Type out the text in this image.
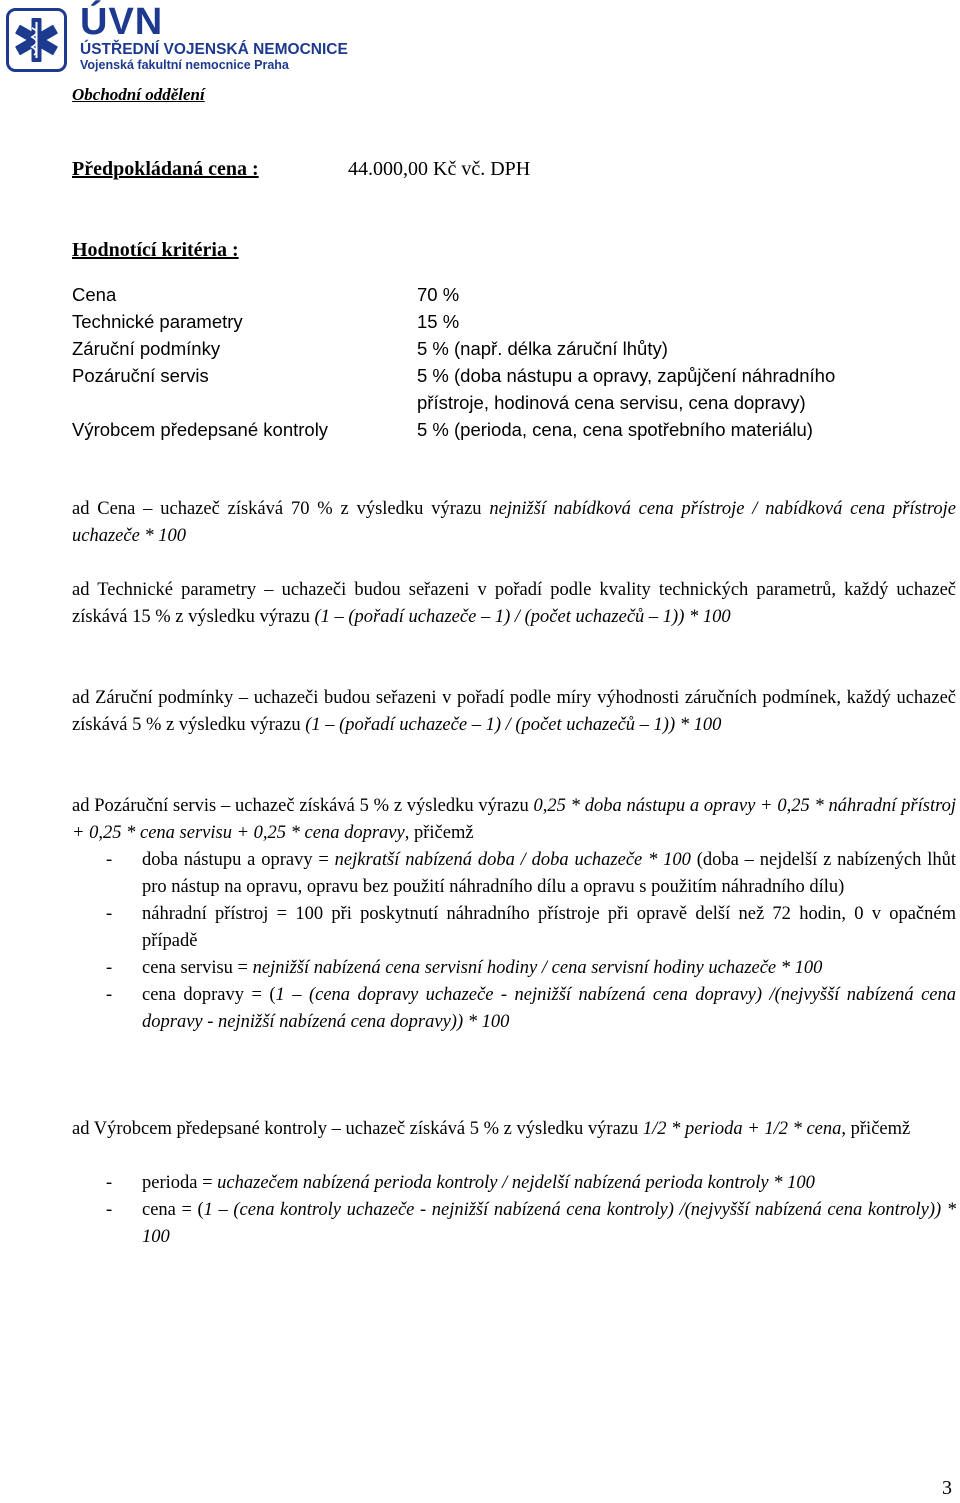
ÚVN
ÚSTŘEDNÍ VOJENSKÁ NEMOCNICE
Vojenská fakultní nemocnice Praha
Obchodní oddělení
Předpokládaná cena :	44.000,00 Kč vč. DPH
Hodnotící kritéria :
Cena	70 %
Technické parametry	15 %
Záruční podmínky	5 % (např. délka záruční lhůty)
Pozáruční servis	5 % (doba nástupu a opravy, zapůjčení náhradního
přístroje, hodinová cena servisu, cena dopravy)
Výrobcem předepsané kontroly	5 % (perioda, cena, cena spotřebního materiálu)
ad Cena – uchazeč získává 70 % z výsledku výrazu nejnižší nabídková cena přístroje / nabídková cena přístroje uchazeče * 100
ad Technické parametry – uchazeči budou seřazeni v pořadí podle kvality technických parametrů, každý uchazeč získává 15 % z výsledku výrazu (1 – (pořadí uchazeče – 1) / (počet uchazečů – 1)) * 100
ad Záruční podmínky – uchazeči budou seřazeni v pořadí podle míry výhodnosti záručních podmínek, každý uchazeč získává 5 % z výsledku výrazu (1 – (pořadí uchazeče – 1) / (počet uchazečů – 1)) * 100
ad Pozáruční servis – uchazeč získává 5 % z výsledku výrazu 0,25 * doba nástupu a opravy + 0,25 * náhradní přístroj + 0,25 * cena servisu + 0,25 * cena dopravy, přičemž
- doba nástupu a opravy = nejkratší nabízená doba / doba uchazeče * 100 (doba – nejdelší z nabízených lhůt pro nástup na opravu, opravu bez použití náhradního dílu a opravu s použitím náhradního dílu)
- náhradní přístroj = 100 při poskytnutí náhradního přístroje při opravě delší než 72 hodin, 0 v opačném případě
- cena servisu = nejnižší nabízená cena servisní hodiny / cena servisní hodiny uchazeče * 100
- cena dopravy = (1 – (cena dopravy uchazeče - nejnižší nabízená cena dopravy) /(nejvyšší nabízená cena dopravy - nejnižší nabízená cena dopravy)) * 100
ad Výrobcem předepsané kontroly – uchazeč získává 5 % z výsledku výrazu 1/2 * perioda + 1/2 * cena, přičemž
- perioda = uchazečem nabízená perioda kontroly / nejdelší nabízená perioda kontroly * 100
- cena = (1 – (cena kontroly uchazeče - nejnižší nabízená cena kontroly) /(nejvyšší nabízená cena kontroly)) * 100
3
